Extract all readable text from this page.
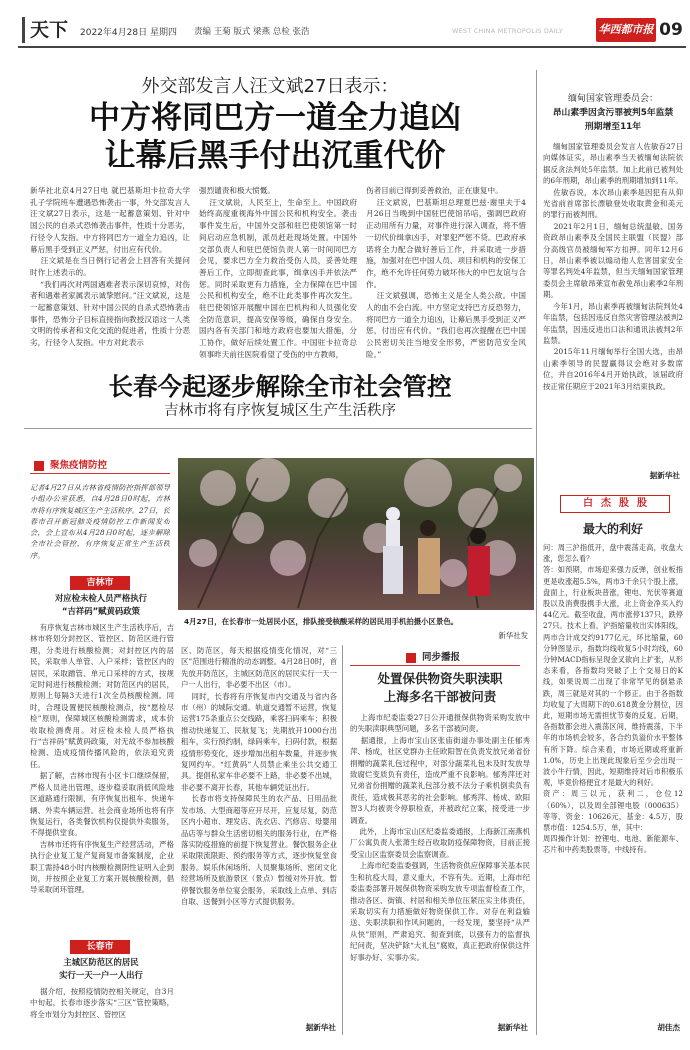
天下 2022年4月28日 星期四	责编 王菊 版式 梁燕 总检 张浩	WEST CHINA METROPOLIS DAILY	华西都市报 09
外交部发言人汪文斌27日表示：
中方将同巴方一道全力追凶
让幕后黑手付出沉重代价
新华社北京4月27日电 就巴基斯坦卡拉奇大学孔子学院班车遭遇恐怖袭击一事，外交部发言人汪文斌27日表示，这是一起蓄意策划、针对中国公民的自杀式恐怖袭击事件，性质十分恶劣，行径令人发指。中方将同巴方一道全力追凶，让幕后黑手受到正义严惩，付出应有代价。
汪文斌是在当日例行记者会上回答有关提问时作上述表示的。
“我们再次对两国遇难者表示深切哀悼，对伤者和遇难者家属表示诚挚慰问。”汪文斌说，这是一起蓄意策划、针对中国公民的自杀式恐怖袭击事件，恐怖分子目标直接指向教授汉语这一人类文明的传承者和文化交流的促进者，性质十分恶劣，行径令人发指。中方对此表示
强烈谴责和极大愤慨。
汪文斌说，人民至上，生命至上。中国政府始终高度重视海外中国公民和机构安全。袭击事件发生后，中国外交部和驻巴使领馆第一时间启动应急机制，派员赶赴现场处置。中国外交部负责人和驻巴使馆负责人第一时间同巴方会见，要求巴方全力救治受伤人员，妥善处理善后工作，立即彻查此事，缉拿凶手并依法严惩。同时采取更有力措施，全力保障在巴中国公民和机构安全，绝不让此类事件再次发生。驻巴使领馆开展醒中国在巴机构和人员强化安全防范意识，提高安保等级，确保自身安全。国内各有关部门和地方政府也要加大措施，分工协作，做好后续处置工作。中国驻卡拉奇总领事昨天前往医院看望了受伤的中方教师，
伤者目前已得到妥善救治，正在康复中。
汪文斌说，巴基斯坦总理夏巴兹·谢里夫于4月26日当晚到中国驻巴使馆吊唁，强调巴政府正动用所有力量，对事件进行深入调查，将不惜一切代价缉拿凶手，对罪犯严惩不贷。巴政府承诺将全力配合做好善后工作，并采取进一步措施，加强对在巴中国人员、项目和机构的安保工作，绝不允许任何势力破坏伟大的中巴友谊与合作。
汪文斌强调，恐怖主义是全人类公敌。中国人的血不会白流。中方坚定支持巴方反恐努力，将同巴方一道全力追凶，让幕后黑手受到正义严惩，付出应有代价。“我们也再次提醒在巴中国公民密切关注当地安全形势，严密防范安全风险。”
缅甸国家管理委员会：
昂山素季因贪污罪被判5年监禁
刑期增至11年
缅甸国家管理委员会发言人佐敏吞27日向媒体证实，昂山素季当天被缅甸法院依据反贪法判处5年监禁。加上此前已被判处的6年刑期，昂山素季的刑期增加到11年。
佐敏吞说，本次昂山素季是因犯有从仰光省前首席部长漂敏登处收取黄金和美元的罪行而被判刑。
2021年2月1日，缅甸总统温敏、国务资政昂山素季及全国民主联盟（民盟）部分高级官员被缅甸军方扣押。同年12月6日，昂山素季被以煽动他人危害国家安全等罪名判处4年监禁，但当天缅甸国家管理委员会主席敏昂莱宣布赦免昂山素季2年刑期。
今年1月，昂山素季再被缅甸法院判处4年监禁，包括因违反自然灾害管理法被判2年监禁，因违反进出口法和通讯法被判2年监禁。
2015年11月缅甸举行全国大选，由昂山素季领导的民盟赢得议会绝对多数席位，并自2016年4月开始执政，该届政府按正常任期应于2021年3月结束执政。
据新华社
长春今起逐步解除全市社会管控
吉林市将有序恢复城区生产生活秩序
聚焦疫情防控
记者4月27日从吉林省疫情防控指挥部领导小组办公室获悉，自4月28日0时起，吉林市将有序恢复城区生产生活秩序。27日，长春市召开新冠肺炎疫情防控工作新闻发布会，会上宣布从4月28日0时起，逐步解除全市社会管控，有序恢复正常生产生活秩序。
4月27日，在长春市一处居民小区，排队接受核酸采样的居民用手机拍摄小区景色。
新华社发
吉林市
对应检未检人员严格执行
“吉祥码”赋黄码政策
有序恢复吉林市城区生产生活秩序后，吉林市将划分封控区、管控区、防范区进行管理，分类进行核酸检测；对封控区内的居民，采取单人单管、入户采样；管控区内的居民，采取蹭管、单元口采样的方式，按规定时间进行核酸检测；对防范区内的居民，原则上每隔3天进行1次全员核酸检测。同时，合理设置便民核酸检测点，按“愿检尽检”原则，保障城区核酸检测需求，成本价收取检测费用。对应检未检人员严格执行“吉祥码”赋黄码政策，对无故不参加核酸检测、造成疫情传播风险的，依法追究责任。
据了解，吉林市现有小区卡口继续保留，严格人员进出管理，逐步稳妥取消低风险地区道路通行限制，有序恢复出租车、快递车辆、外卖车辆运营。社会商业场所也将有序恢复运行，各类餐饮机构仅提供外卖服务，不得提供堂食。
吉林市还将有序恢复生产经营活动，严格执行企业复工复产复商复市备案制度，企业职工需持48小时内核酸检测阴性证明入企到岗，并按照企业复工方案开展核酸检测，倡导采取闭环管理。
长春市
主城区防范区的居民
实行一天一户一人出行
据介绍，按照疫情防控相关规定，自3月中旬起，长春市逐步落实“三区”管控策略，将全市划分为封控区、管控区
区、防范区，每天根据疫情变化情况，对“三区”范围进行精准的动态调整。4月28日0时，首先放开防范区，主城区防范区的居民实行一天一户一人出行，非必要不出区（市）。
同时，长春将有序恢复市内交通及与省内各市（州）的城际交通。轨道交通暂不运营，恢复运营175条重点公交线路，乘客扫码乘车；积极推动快递复工、民航复飞；先期放开1000台出租车，实行预约制，绿码乘车，扫码付款，根据疫情形势变化，逐步增加出租车数量，并逐步恢复网约车。“红黄码”人员禁止乘坐公共交通工具。提倡私家车非必要不上路，非必要不出城，非必要不离开长春，其他车辆凭证出行。
长春市将支持保障民生的农产品、日用品批发市场、大型商超等应开尽开，应复尽复，防范区内小超市、理发店、洗衣店、汽修店、母婴用品店等与群众生活密切相关的服务行业，在严格落实防疫措施的前提下恢复营业。餐饮服务企业采取限流限距、预约服务等方式，逐步恢复堂食服务。娱乐休闲场所、人员聚集场所、密闭文化经营场所及旅游景区（景点）暂缓对外开放。暂停餐饮服务单位宴会服务，采取线上点单、到店自取、送餐到小区等方式提供服务。
据新华社
同步播报
处置保供物资失职渎职
上海多名干部被问责
上海市纪委监委27日公开通报保供物资采购发放中的失职渎职典型问题，多名干部被问责。
据通报，上海市宝山区张庙街道办事处副主任郁秀萍、杨成，社区党群办主任欧阳智在负责发放兄弟省份捐赠的蔬菜礼包过程中，对部分蔬菜礼包未及时发放导致腐烂变质负有责任，造成严重不良影响。郁秀萍还对兄弟省份捐赠的蔬菜礼包部分被不法分子乘机倒卖负有责任，造成极其恶劣的社会影响。郁秀萍、杨成、欧阳智3人均被责令停职检查，并被政纪立案，接受进一步调查。
此外，上海市宝山区纪委监委通报，上海新江南燕机厂公寓负责人张萧生经百收取防疫保障物资，目前正接受宝山区监察委员会监察调查。
上海市纪委监委强调，生活物资供应保障事关基本民生和抗疫大局，意义重大，不容有失。近期，上海市纪委监委部署开展保供物资采购发放专项监督检查工作，推动各区、街镇、村居和相关单位压紧压实主体责任，采取切实有力措施做好物资保供工作。对存在利益输送、失职渎职和作风问题的，一经发现，要坚持“从严从快”原则，严肃追究、彻查到底，以强有力的监督执纪问责，坚决铲除“大礼包”腐败，真正把政府保供这件好事办好、实事办实。
据新华社
白杰股股
最大的利好
问：周三沪指低开，盘中震荡走高，收盘大涨，您怎么看？
答：如预期，市场迎来强力反弹，创业板指更是收涨超5.5%，两市3千余只个股上涨，盘面上，行业板块普涨，锂电、光伏等赛道股以及消费股携手大涨，北上资金净买入约44亿元。截至收盘，两市涨停137只，跌停27只。技术上看，沪指缩量收出实体阳线，两市合计成交约9177亿元，环比缩量，60分钟图显示，指数均线收复5小时均线，60分钟MACD指标呈现金叉欲向上扩张，从形态来看，各指数均突破了上个交易日的K线，如果说周二出现了非常罕见的倒悬杀跌，周三就是对其的一个修正。由于各指数均收复了大周期下的0.618黄金分割位，因此，短期市场无需担忧节奏的反复。后期，各指数都会进入震荡区间，维持震荡，下半年的市场机会较多，各合约负溢价水平整体有所下降。综合来看，市场近期或将重新1.0%，历史上出现此现象后至少会出现一波小牛行情，因此，短期维持对后市积极乐观，毕竟价格便宜才是最大的利好。
资产：周三以元，获利二，仓位12（60%），以及周全部锂电股（000635）等等，资金：10626元，基金：4.5万，股票市值：1254.5万，单，其中：
周四操作计划：控锂电、电池、新能源车、芯片和中药类股票等，中线持有。
胡佳杰
